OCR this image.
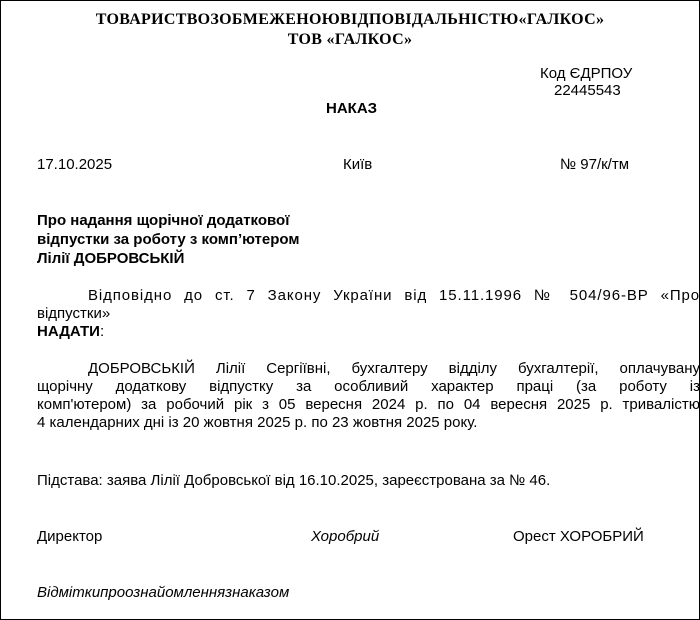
ТОВАРИСТВОЗОБМЕЖЕНОЮВІДПОВІДАЛЬНІСТЮ«ГАЛКОС»
ТОВ «ГАЛКОС»
Код ЄДРПОУ
22445543
НАКАЗ
17.10.2025	Київ	№ 97/к/тм
Про надання щорічної додаткової
відпустки за роботу з комп’ютером
Лілії ДОБРОВСЬКІЙ
Відповідно до ст. 7 Закону України від 15.11.1996 № 504/96-ВР «Про
відпустки»
НАДАТИ:
ДОБРОВСЬКІЙ Лілії Сергіївні, бухгалтеру відділу бухгалтерії, оплачувану
щорічну додаткову відпустку за особливий характер праці (за роботу із
комп'ютером) за робочий рік з 05 вересня 2024 р. по 04 вересня 2025 р. тривалістю
4 календарних дні із 20 жовтня 2025 р. по 23 жовтня 2025 року.
Підстава: заява Лілії Добровської від 16.10.2025, зареєстрована за № 46.
Директор	Хоробрий	Орест ХОРОБРИЙ
Відміткипроознайомленнязнаказом
